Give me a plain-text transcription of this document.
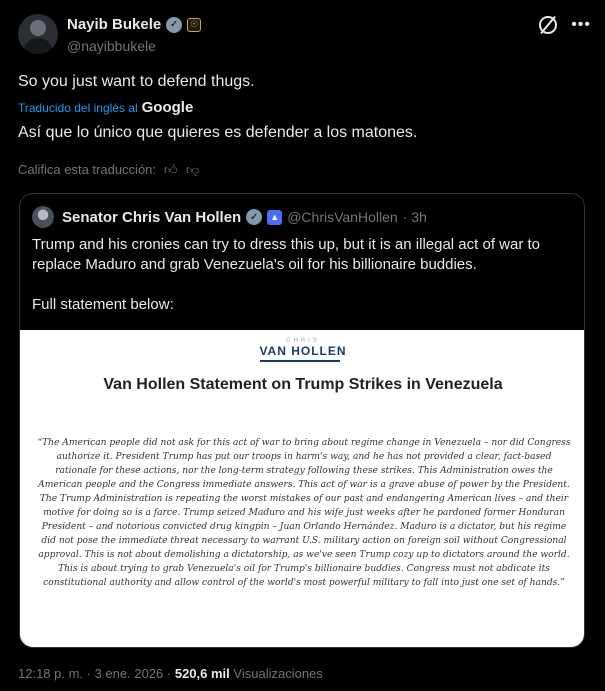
Nayib Bukele ✓	☉
@nayibbukele
•••
So you just want to defend thugs.
Traducido del inglés al Google
Así que lo único que quieres es defender a los matones.
Califica esta traducción: 👍︎ 👎︎
Senator Chris Van Hollen ✓	▲ @ChrisVanHollen · 3h

Trump and his cronies can try to dress this up, but it is an illegal act of war to replace Maduro and grab Venezuela's oil for his billionaire buddies.

Full statement below:

CHRIS
VAN HOLLEN
Van Hollen Statement on Trump Strikes in Venezuela
“The American people did not ask for this act of war to bring about regime change in Venezuela – nor did Congress authorize it. President Trump has put our troops in harm's way, and he has not provided a clear, fact-based rationale for these actions, nor the long-term strategy following these strikes. This Administration owes the American people and the Congress immediate answers. This act of war is a grave abuse of power by the President. The Trump Administration is repeating the worst mistakes of our past and endangering American lives – and their motive for doing so is a farce. Trump seized Maduro and his wife just weeks after he pardoned former Honduran President – and notorious convicted drug kingpin – Juan Orlando Hernández. Maduro is a dictator, but his regime did not pose the immediate threat necessary to warrant U.S. military action on foreign soil without Congressional approval. This is not about demolishing a dictatorship, as we've seen Trump cozy up to dictators around the world. This is about trying to grab Venezuela's oil for Trump's billionaire buddies. Congress must not abdicate its constitutional authority and allow control of the world's most powerful military to fall into just one set of hands.”
12:18 p. m. · 3 ene. 2026 · 520,6 mil Visualizaciones
